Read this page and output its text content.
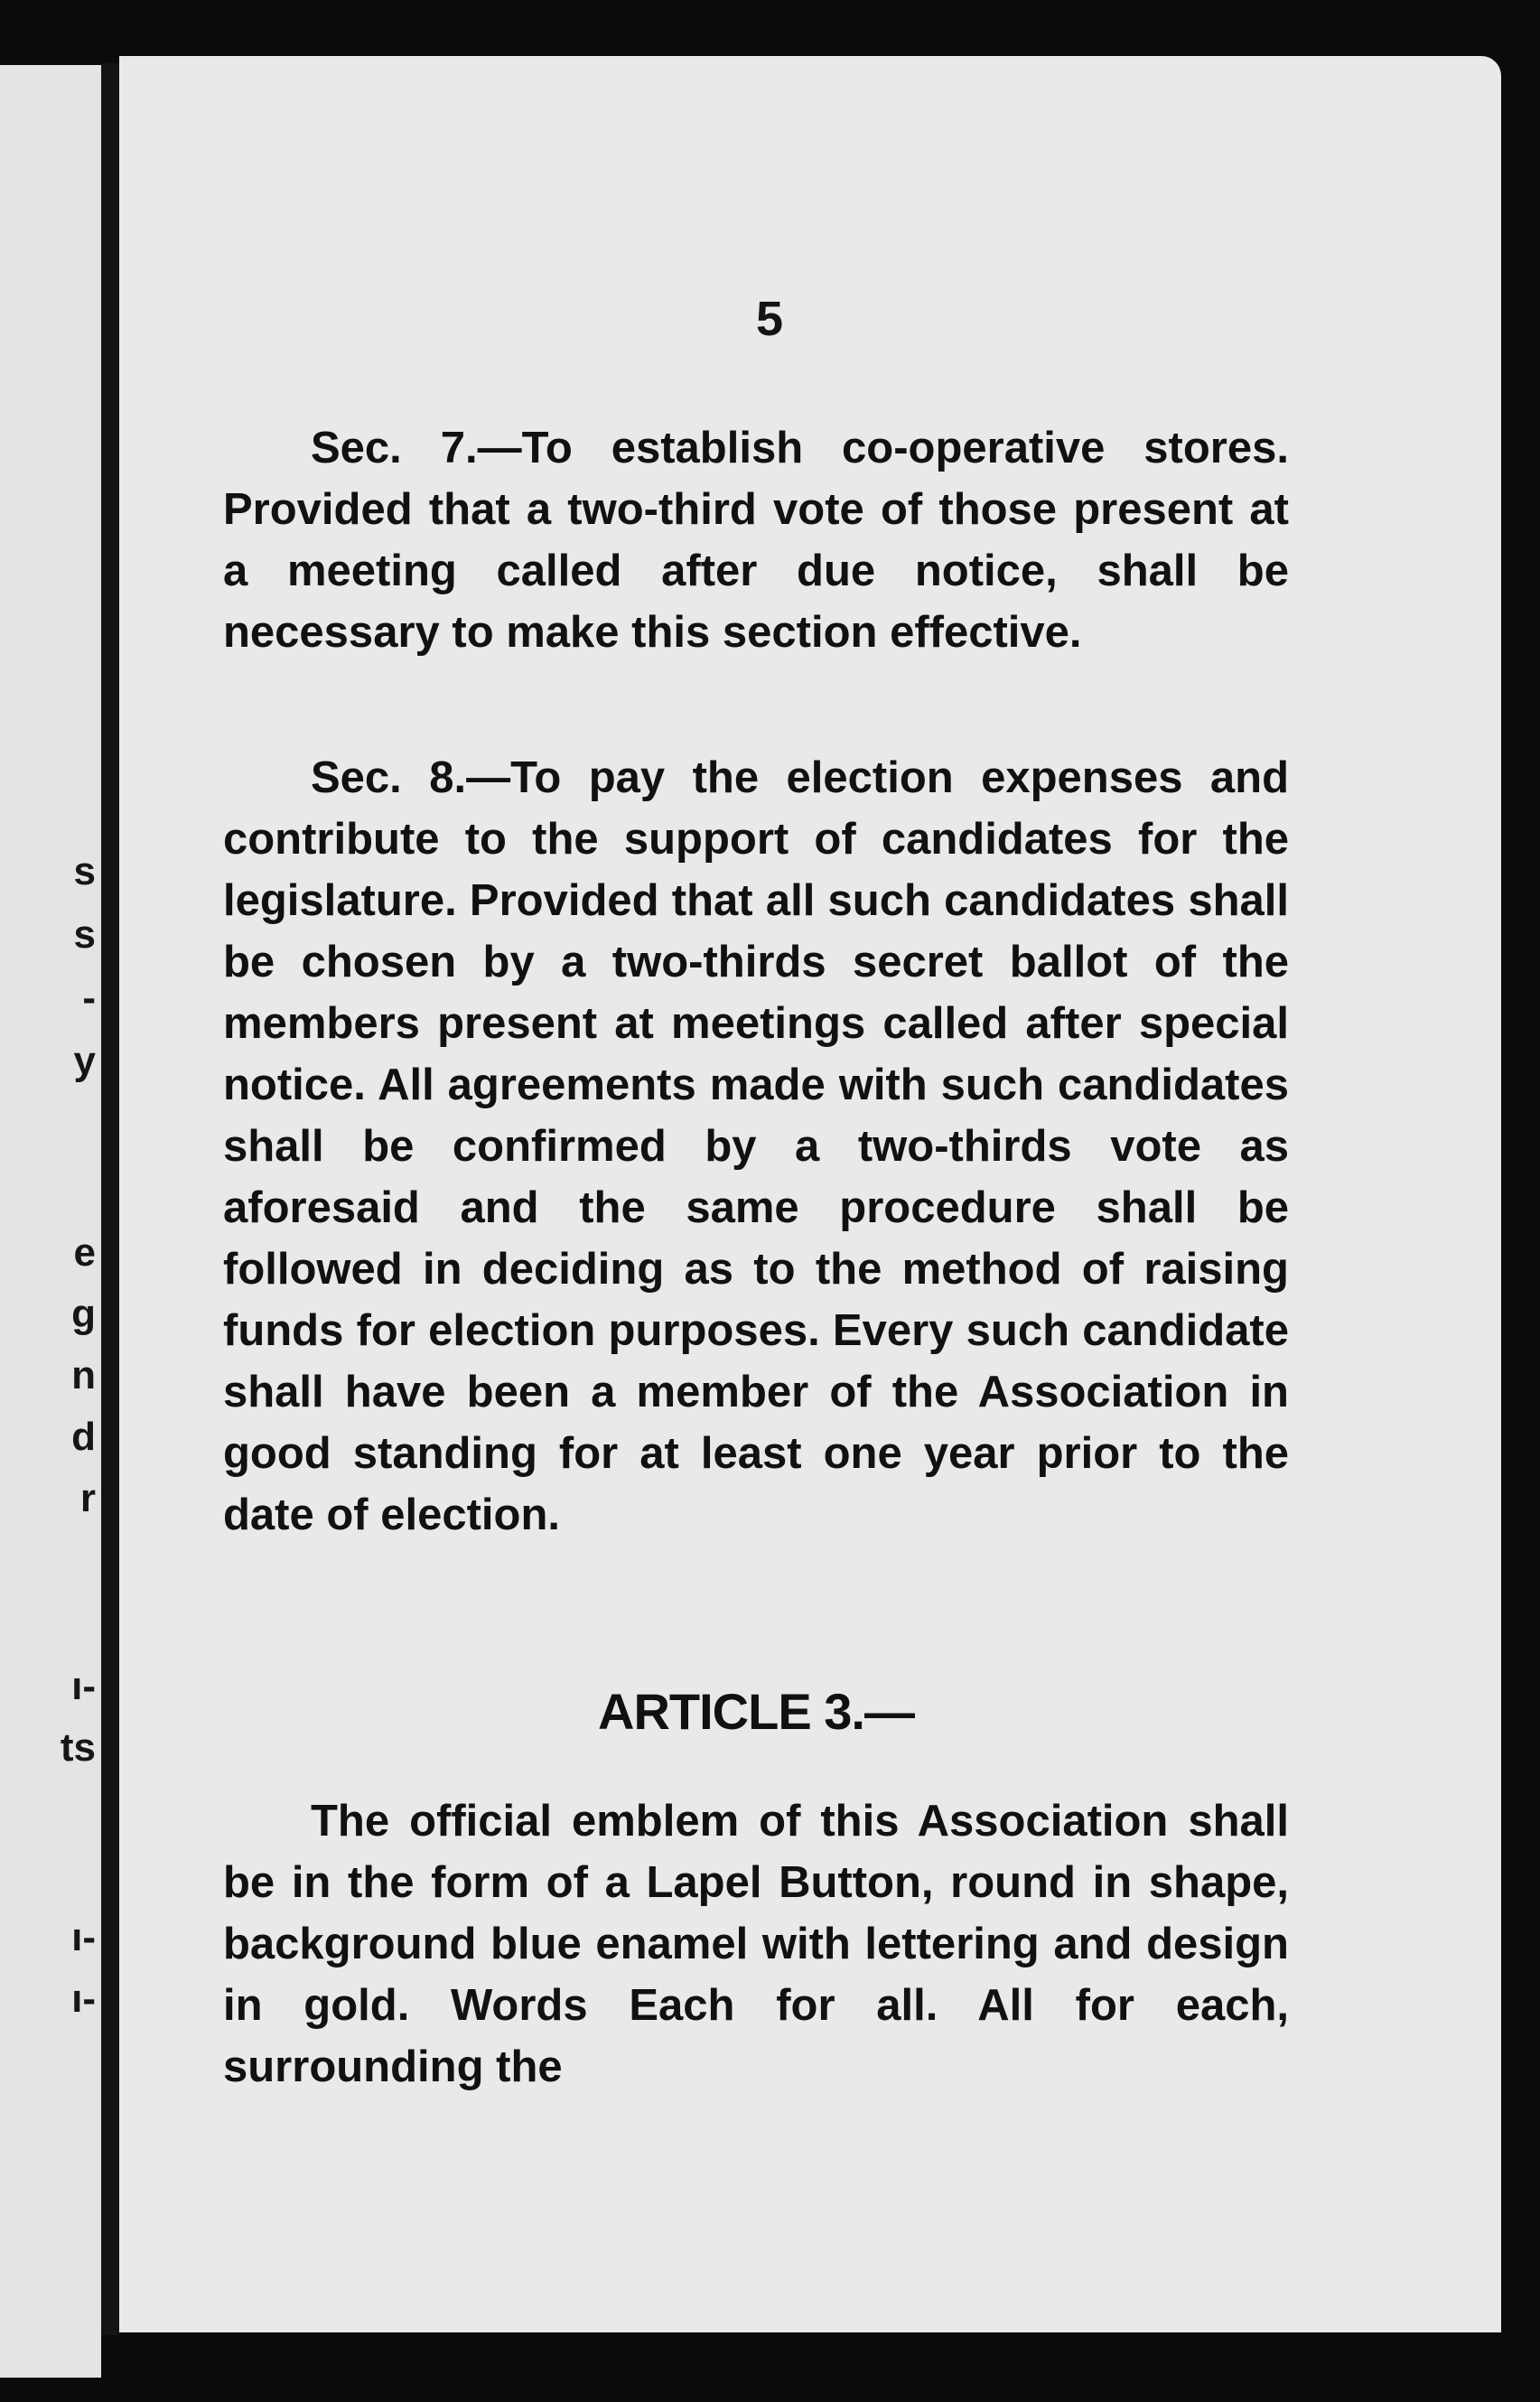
s

s

-

y

e

g

n

d

r

ı-

ts

ı-

ı-

5

Sec. 7.—To establish co-operative stores. Provided that a two-third vote of those present at a meeting called after due notice, shall be necessary to make this section effective.

Sec. 8.—To pay the election expenses and contribute to the support of candidates for the legislature. Provided that all such candidates shall be chosen by a two-thirds secret ballot of the members present at meetings called after special notice. All agreements made with such candidates shall be confirmed by a two-thirds vote as aforesaid and the same procedure shall be followed in deciding as to the method of raising funds for election purposes. Every such candidate shall have been a member of the Association in good standing for at least one year prior to the date of election.

ARTICLE 3.—

The official emblem of this Association shall be in the form of a Lapel Button, round in shape, background blue enamel with lettering and design in gold. Words Each for all. All for each, surrounding the
